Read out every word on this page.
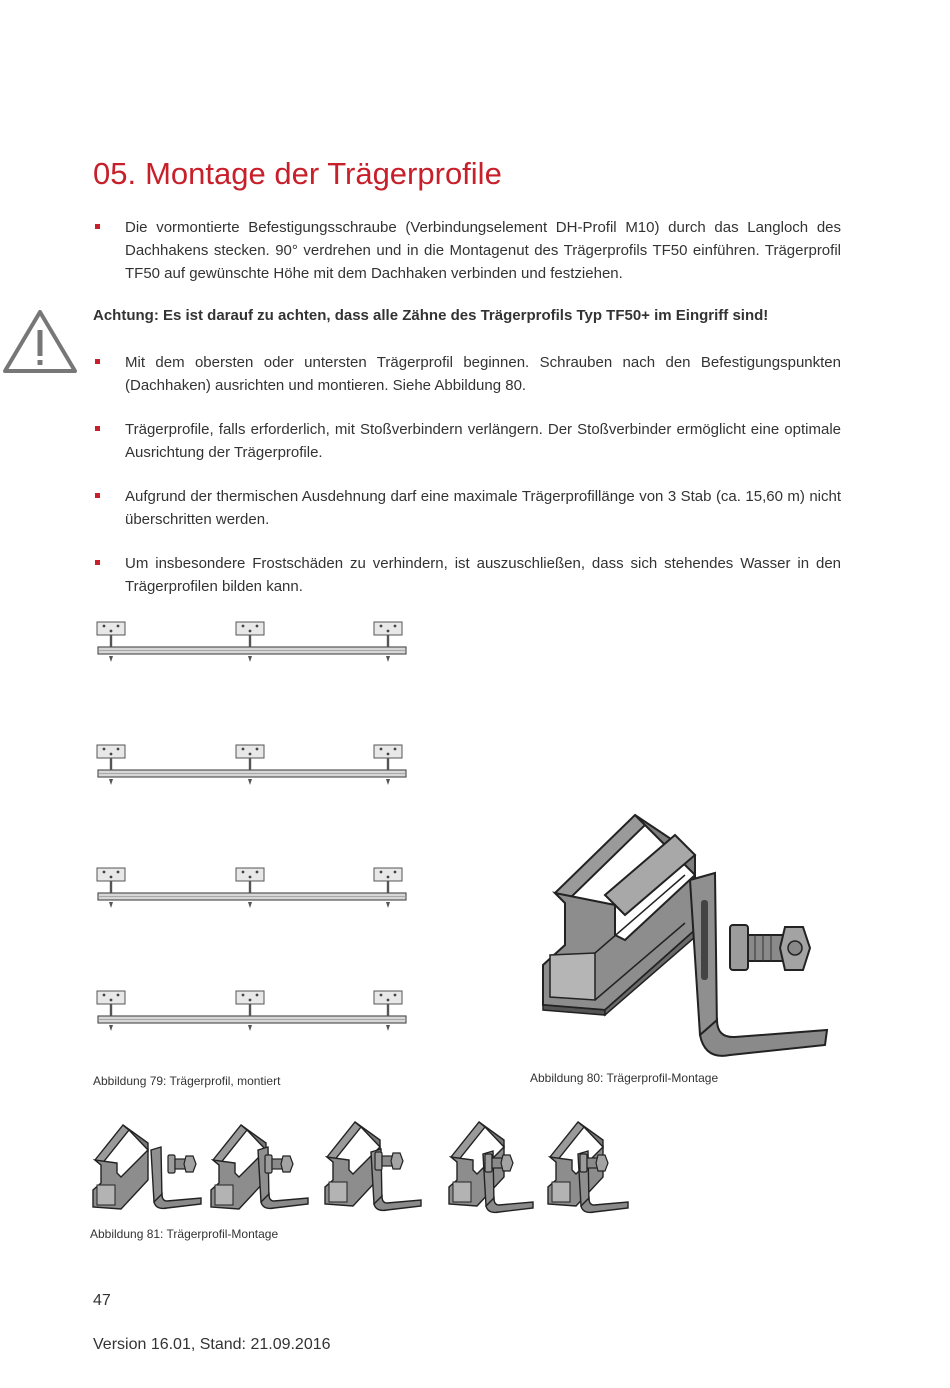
05. Montage der Trägerprofile
Die vormontierte Befestigungsschraube (Verbindungselement DH-Profil M10) durch das Langloch des Dachhakens stecken. 90° verdrehen und in die Montagenut des Trägerprofils TF50 einführen. Trägerprofil TF50 auf gewünschte Höhe mit dem Dachhaken verbinden und festziehen.
Achtung: Es ist darauf zu achten, dass alle Zähne des Trägerprofils Typ TF50+ im Eingriff sind!
Mit dem obersten oder untersten Trägerprofil beginnen. Schrauben nach den Befestigungspunkten (Dachhaken) ausrichten und montieren. Siehe Abbildung 80.
Trägerprofile, falls erforderlich, mit Stoßverbindern verlängern. Der Stoßverbinder ermöglicht eine optimale Ausrichtung der Trägerprofile.
Aufgrund der thermischen Ausdehnung darf eine maximale Trägerprofillänge von 3 Stab (ca. 15,60 m) nicht überschritten werden.
Um insbesondere Frostschäden zu verhindern, ist auszuschließen, dass sich stehendes Wasser in den Trägerprofilen bilden kann.
Abbildung 79: Trägerprofil, montiert	Abbildung 80: Trägerprofil-Montage
Abbildung 81: Trägerprofil-Montage
47
Version 16.01, Stand: 21.09.2016
